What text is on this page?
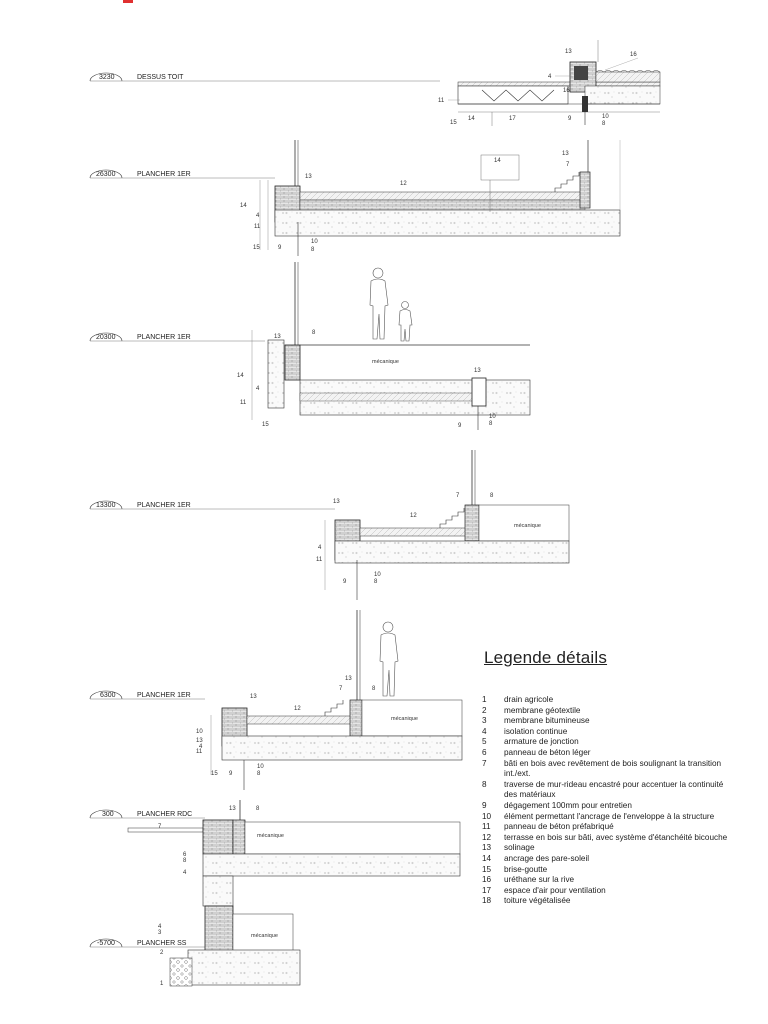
3230	DESSUS TOIT
26300	PLANCHER 1ER
20300	PLANCHER 1ER
13300	PLANCHER 1ER
6300	PLANCHER 1ER
300	PLANCHER RDC
-5700	PLANCHER SS
13	16
4
11
16
15
14	17	9	10
8
13
12
14
13
7
14
4
11
15	9
10
8
mécanique
13
8
14
4
11
15
13
10
8
9
mécanique
13
12
7	8
4
11
9
10
8
mécanique
13
12
13
7	8
10
13
4
11
15 9
10
8
mécanique
13	8
7
6
8
4
mécanique
4
3
2
1
Legende détails
1	drain agricole
2	membrane géotextile
3	membrane bitumineuse
4	isolation continue
5	armature de jonction
6	panneau de béton léger
7	bâti en bois avec revêtement de bois soulignant la transition int./ext.
8	traverse de mur-rideau encastré pour accentuer la continuité des matériaux
9	dégagement 100mm pour entretien
10	élément permettant l'ancrage de l'enveloppe à la structure
11	panneau de béton préfabriqué
12	terrasse en bois sur bâti, avec système d'étanchéité bicouche
13	solinage
14	ancrage des pare-soleil
15	brise-goutte
16	uréthane sur la rive
17	espace d'air pour ventilation
18	toiture végétalisée
